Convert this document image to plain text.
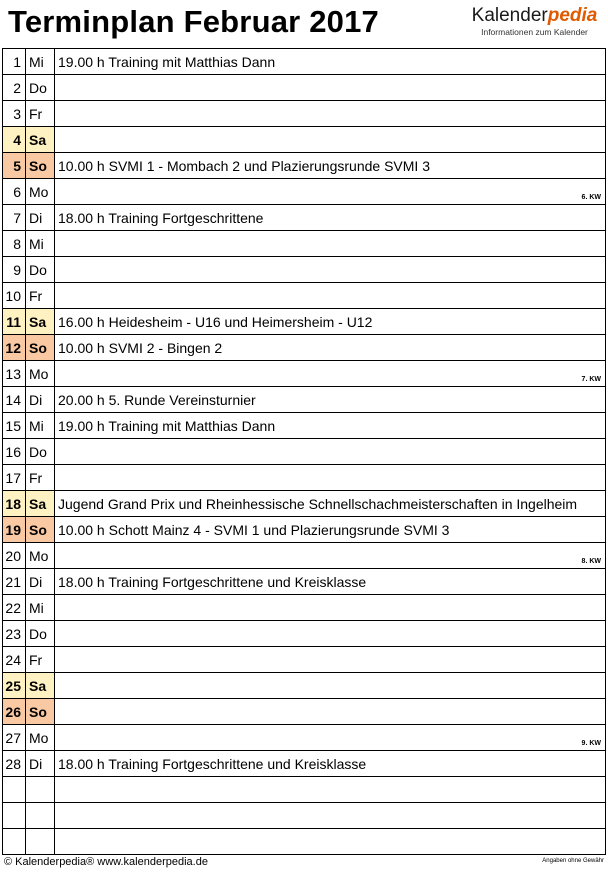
Terminplan Februar 2017	Kalenderpedia
Informationen zum Kalender
1	Mi	19.00 h Training mit Matthias Dann
2	Do	
3	Fr	
4	Sa	
5	So	10.00 h SVMI 1 - Mombach 2 und Plazierungsrunde SVMI 3
6	Mo	6. KW

7	Di	18.00 h Training Fortgeschrittene
8	Mi	
9	Do	
10	Fr	
11	Sa	16.00 h Heidesheim - U16 und Heimersheim - U12
12	So	10.00 h SVMI 2 - Bingen 2
13	Mo	7. KW

14	Di	20.00 h 5. Runde Vereinsturnier
15	Mi	19.00 h Training mit Matthias Dann
16	Do	
17	Fr	
18	Sa	Jugend Grand Prix und Rheinhessische Schnellschachmeisterschaften in Ingelheim
19	So	10.00 h Schott Mainz 4 - SVMI 1 und Plazierungsrunde SVMI 3
20	Mo	8. KW

21	Di	18.00 h Training Fortgeschrittene und Kreisklasse
22	Mi	
23	Do	
24	Fr	
25	Sa	
26	So	
27	Mo	9. KW

28	Di	18.00 h Training Fortgeschrittene und Kreisklasse

© Kalenderpedia® www.kalenderpedia.de	Angaben ohne Gewähr
